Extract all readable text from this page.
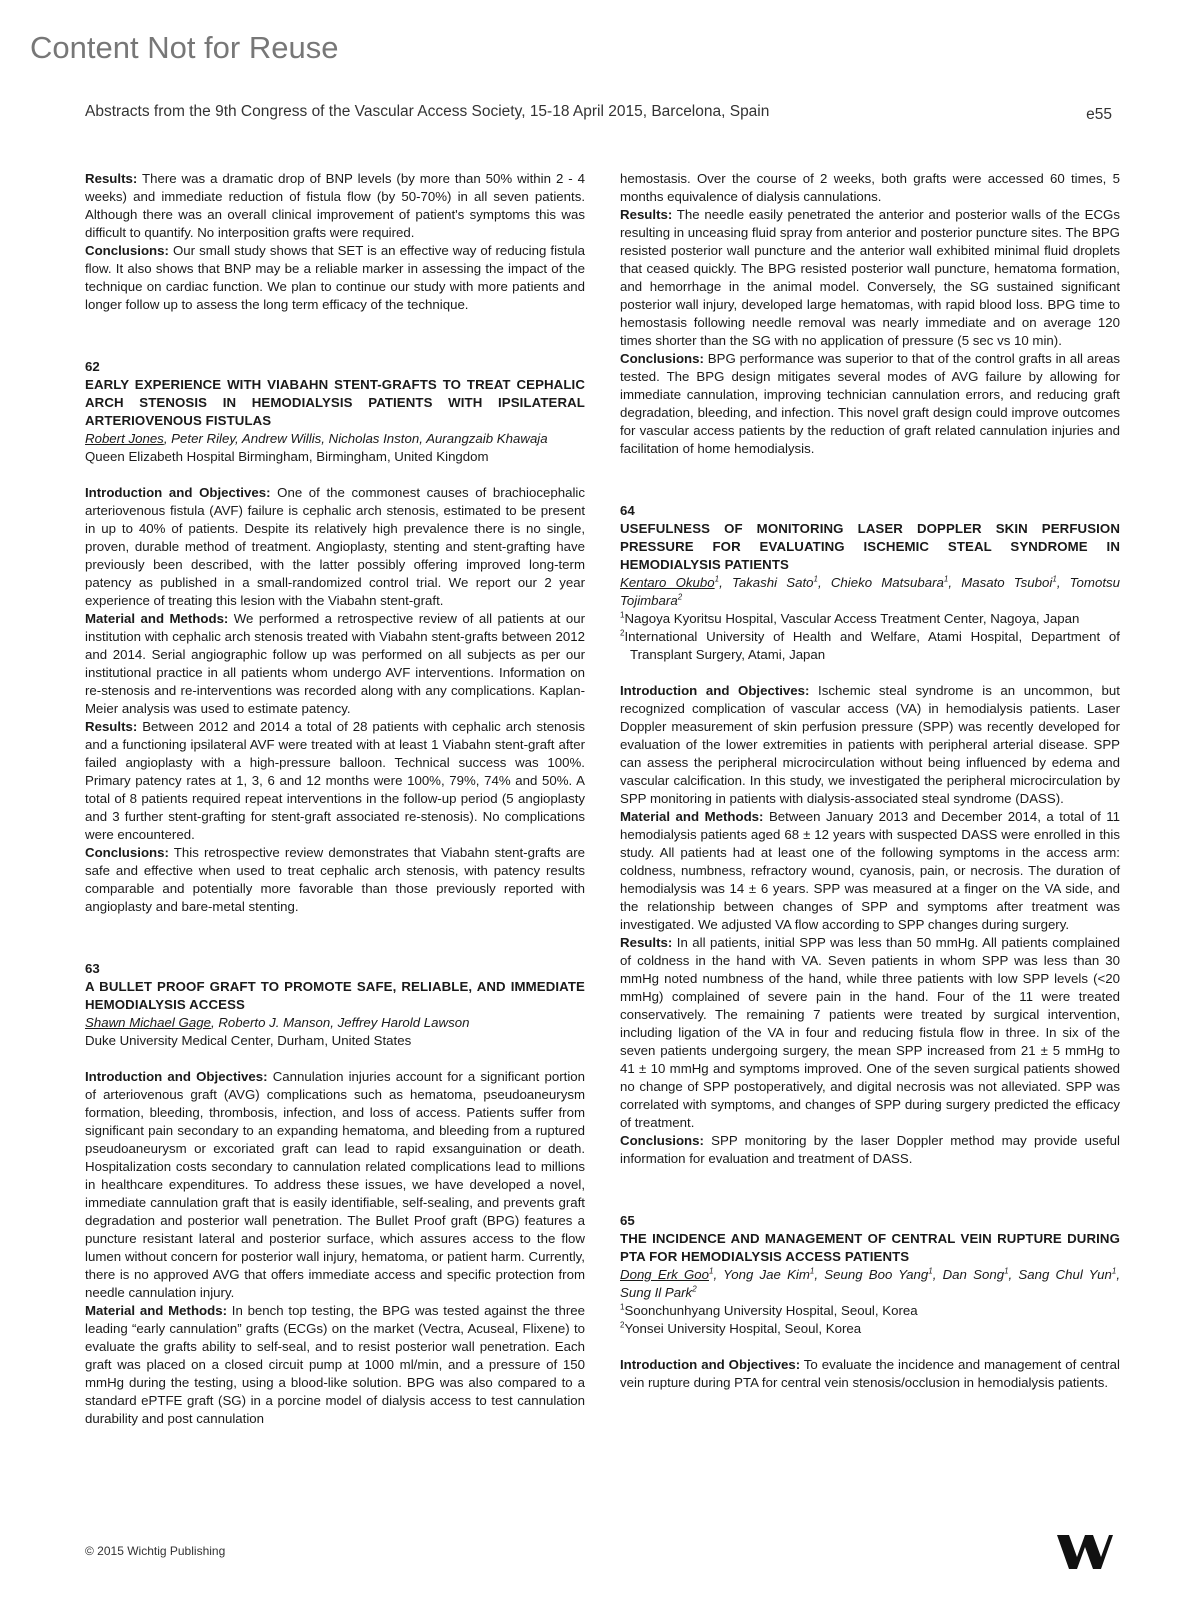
Content Not for Reuse
Abstracts from the 9th Congress of the Vascular Access Society, 15-18 April 2015, Barcelona, Spain	e55

Results: There was a dramatic drop of BNP levels (by more than 50% within 2 - 4 weeks) and immediate reduction of fistula flow (by 50-70%) in all seven patients. Although there was an overall clinical improvement of patient's symptoms this was difficult to quantify. No interposition grafts were required.

Conclusions: Our small study shows that SET is an effective way of reducing fistula flow. It also shows that BNP may be a reliable marker in assessing the impact of the technique on cardiac function. We plan to continue our study with more patients and longer follow up to assess the long term efficacy of the technique.

62

EARLY EXPERIENCE WITH VIABAHN STENT-GRAFTS TO TREAT CEPHALIC ARCH STENOSIS IN HEMODIALYSIS PATIENTS WITH IPSILATERAL ARTERIOVENOUS FISTULAS

Robert Jones, Peter Riley, Andrew Willis, Nicholas Inston, Aurangzaib Khawaja

Queen Elizabeth Hospital Birmingham, Birmingham, United Kingdom

Introduction and Objectives: One of the commonest causes of brachiocephalic arteriovenous fistula (AVF) failure is cephalic arch stenosis, estimated to be present in up to 40% of patients. Despite its relatively high prevalence there is no single, proven, durable method of treatment. Angioplasty, stenting and stent-grafting have previously been described, with the latter possibly offering improved long-term patency as published in a small-randomized control trial. We report our 2 year experience of treating this lesion with the Viabahn stent-graft.

Material and Methods: We performed a retrospective review of all patients at our institution with cephalic arch stenosis treated with Viabahn stent-grafts between 2012 and 2014. Serial angiographic follow up was performed on all subjects as per our institutional practice in all patients whom undergo AVF interventions. Information on re-stenosis and re-interventions was recorded along with any complications. Kaplan-Meier analysis was used to estimate patency.

Results: Between 2012 and 2014 a total of 28 patients with cephalic arch stenosis and a functioning ipsilateral AVF were treated with at least 1 Viabahn stent-graft after failed angioplasty with a high-pressure balloon. Technical success was 100%. Primary patency rates at 1, 3, 6 and 12 months were 100%, 79%, 74% and 50%. A total of 8 patients required repeat interventions in the follow-up period (5 angioplasty and 3 further stent-grafting for stent-graft associated re-stenosis). No complications were encountered.

Conclusions: This retrospective review demonstrates that Viabahn stent-grafts are safe and effective when used to treat cephalic arch stenosis, with patency results comparable and potentially more favorable than those previously reported with angioplasty and bare-metal stenting.

63

A BULLET PROOF GRAFT TO PROMOTE SAFE, RELIABLE, AND IMMEDIATE HEMODIALYSIS ACCESS

Shawn Michael Gage, Roberto J. Manson, Jeffrey Harold Lawson

Duke University Medical Center, Durham, United States

Introduction and Objectives: Cannulation injuries account for a significant portion of arteriovenous graft (AVG) complications such as hematoma, pseudoaneurysm formation, bleeding, thrombosis, infection, and loss of access. Patients suffer from significant pain secondary to an expanding hematoma, and bleeding from a ruptured pseudoaneurysm or excoriated graft can lead to rapid exsanguination or death. Hospitalization costs secondary to cannulation related complications lead to millions in healthcare expenditures. To address these issues, we have developed a novel, immediate cannulation graft that is easily identifiable, self-sealing, and prevents graft degradation and posterior wall penetration. The Bullet Proof graft (BPG) features a puncture resistant lateral and posterior surface, which assures access to the flow lumen without concern for posterior wall injury, hematoma, or patient harm. Currently, there is no approved AVG that offers immediate access and specific protection from needle cannulation injury.

Material and Methods: In bench top testing, the BPG was tested against the three leading “early cannulation” grafts (ECGs) on the market (Vectra, Acuseal, Flixene) to evaluate the grafts ability to self-seal, and to resist posterior wall penetration. Each graft was placed on a closed circuit pump at 1000 ml/min, and a pressure of 150 mmHg during the testing, using a blood-like solution. BPG was also compared to a standard ePTFE graft (SG) in a porcine model of dialysis access to test cannulation durability and post cannulation

hemostasis. Over the course of 2 weeks, both grafts were accessed 60 times, 5 months equivalence of dialysis cannulations.

Results: The needle easily penetrated the anterior and posterior walls of the ECGs resulting in unceasing fluid spray from anterior and posterior puncture sites. The BPG resisted posterior wall puncture and the anterior wall exhibited minimal fluid droplets that ceased quickly. The BPG resisted posterior wall puncture, hematoma formation, and hemorrhage in the animal model. Conversely, the SG sustained significant posterior wall injury, developed large hematomas, with rapid blood loss. BPG time to hemostasis following needle removal was nearly immediate and on average 120 times shorter than the SG with no application of pressure (5 sec vs 10 min).

Conclusions: BPG performance was superior to that of the control grafts in all areas tested. The BPG design mitigates several modes of AVG failure by allowing for immediate cannulation, improving technician cannulation errors, and reducing graft degradation, bleeding, and infection. This novel graft design could improve outcomes for vascular access patients by the reduction of graft related cannulation injuries and facilitation of home hemodialysis.

64

USEFULNESS OF MONITORING LASER DOPPLER SKIN PERFUSION PRESSURE FOR EVALUATING ISCHEMIC STEAL SYNDROME IN HEMODIALYSIS PATIENTS

Kentaro Okubo$^1$, Takashi Sato$^1$, Chieko Matsubara$^1$, Masato Tsuboi$^1$, Tomotsu Tojimbara$^2$

$^1$Nagoya Kyoritsu Hospital, Vascular Access Treatment Center, Nagoya, Japan

$^2$International University of Health and Welfare, Atami Hospital, Department of Transplant Surgery, Atami, Japan

Introduction and Objectives: Ischemic steal syndrome is an uncommon, but recognized complication of vascular access (VA) in hemodialysis patients. Laser Doppler measurement of skin perfusion pressure (SPP) was recently developed for evaluation of the lower extremities in patients with peripheral arterial disease. SPP can assess the peripheral microcirculation without being influenced by edema and vascular calcification. In this study, we investigated the peripheral microcirculation by SPP monitoring in patients with dialysis-associated steal syndrome (DASS).

Material and Methods: Between January 2013 and December 2014, a total of 11 hemodialysis patients aged 68 ± 12 years with suspected DASS were enrolled in this study. All patients had at least one of the following symptoms in the access arm: coldness, numbness, refractory wound, cyanosis, pain, or necrosis. The duration of hemodialysis was 14 ± 6 years. SPP was measured at a finger on the VA side, and the relationship between changes of SPP and symptoms after treatment was investigated. We adjusted VA flow according to SPP changes during surgery.

Results: In all patients, initial SPP was less than 50 mmHg. All patients complained of coldness in the hand with VA. Seven patients in whom SPP was less than 30 mmHg noted numbness of the hand, while three patients with low SPP levels (<20 mmHg) complained of severe pain in the hand. Four of the 11 were treated conservatively. The remaining 7 patients were treated by surgical intervention, including ligation of the VA in four and reducing fistula flow in three. In six of the seven patients undergoing surgery, the mean SPP increased from 21 ± 5 mmHg to 41 ± 10 mmHg and symptoms improved. One of the seven surgical patients showed no change of SPP postoperatively, and digital necrosis was not alleviated. SPP was correlated with symptoms, and changes of SPP during surgery predicted the efficacy of treatment.

Conclusions: SPP monitoring by the laser Doppler method may provide useful information for evaluation and treatment of DASS.

65

THE INCIDENCE AND MANAGEMENT OF CENTRAL VEIN RUPTURE DURING PTA FOR HEMODIALYSIS ACCESS PATIENTS

Dong Erk Goo$^1$, Yong Jae Kim$^1$, Seung Boo Yang$^1$, Dan Song$^1$, Sang Chul Yun$^1$, Sung Il Park$^2$

$^1$Soonchunhyang University Hospital, Seoul, Korea

$^2$Yonsei University Hospital, Seoul, Korea

Introduction and Objectives: To evaluate the incidence and management of central vein rupture during PTA for central vein stenosis/occlusion in hemodialysis patients.

© 2015 Wichtig Publishing
